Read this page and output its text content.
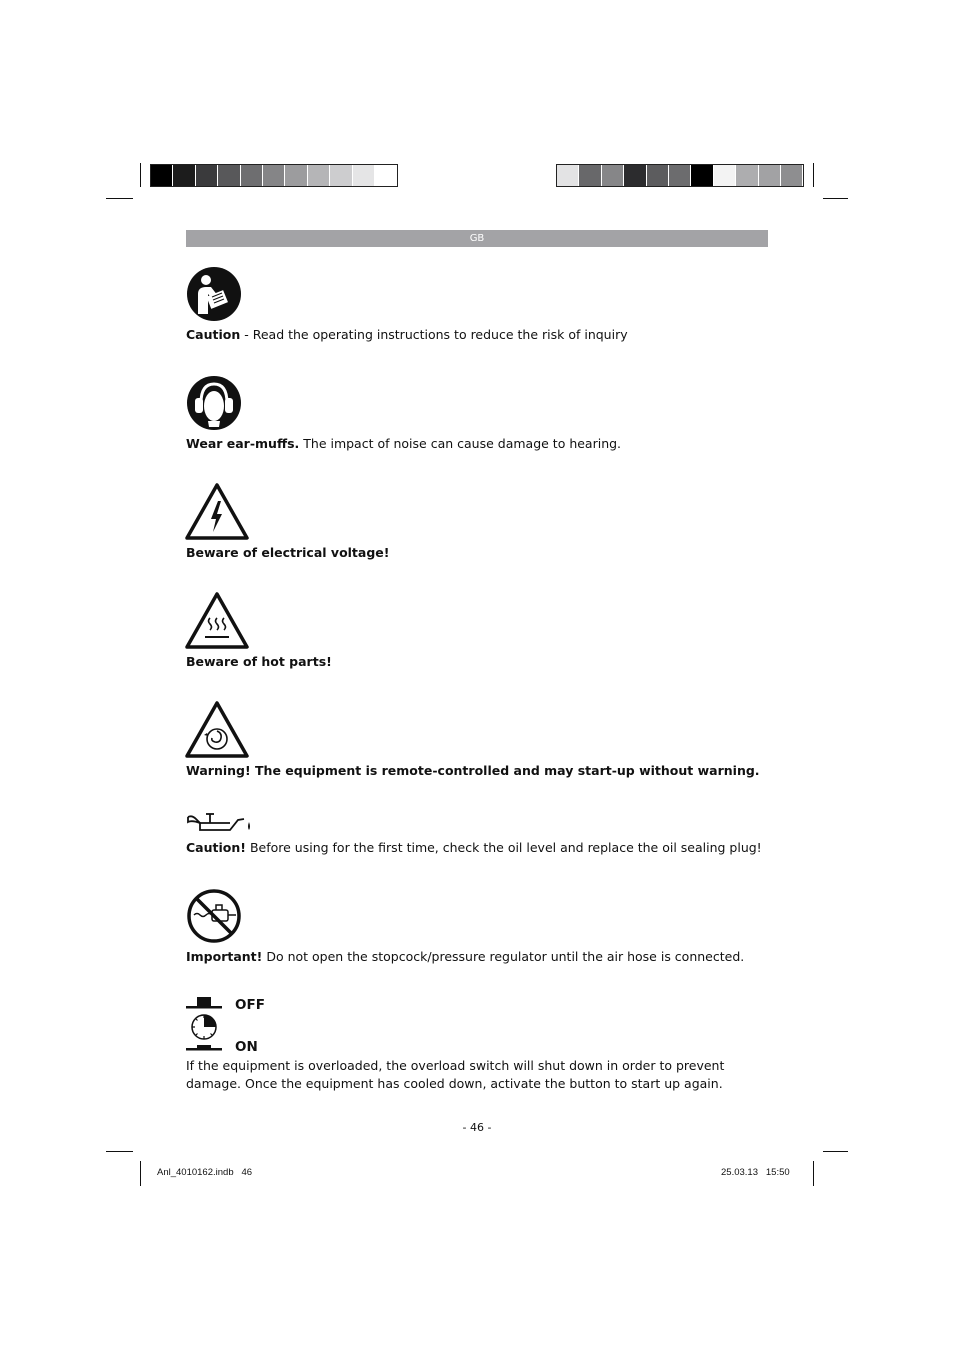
GB
Caution - Read the operating instructions to reduce the risk of inquiry
Wear ear-muffs. The impact of noise can cause damage to hearing.
Beware of electrical voltage!
Beware of hot parts!
Warning! The equipment is remote-controlled and may start-up without warning.
Caution! Before using for the first time, check the oil level and replace the oil sealing plug!
Important! Do not open the stopcock/pressure regulator until the air hose is connected.
OFF
ON
If the equipment is overloaded, the overload switch will shut down in order to prevent damage. Once the equipment has cooled down, activate the button to start up again.
- 46 -
Anl_4010162.indb   46	25.03.13   15:50
